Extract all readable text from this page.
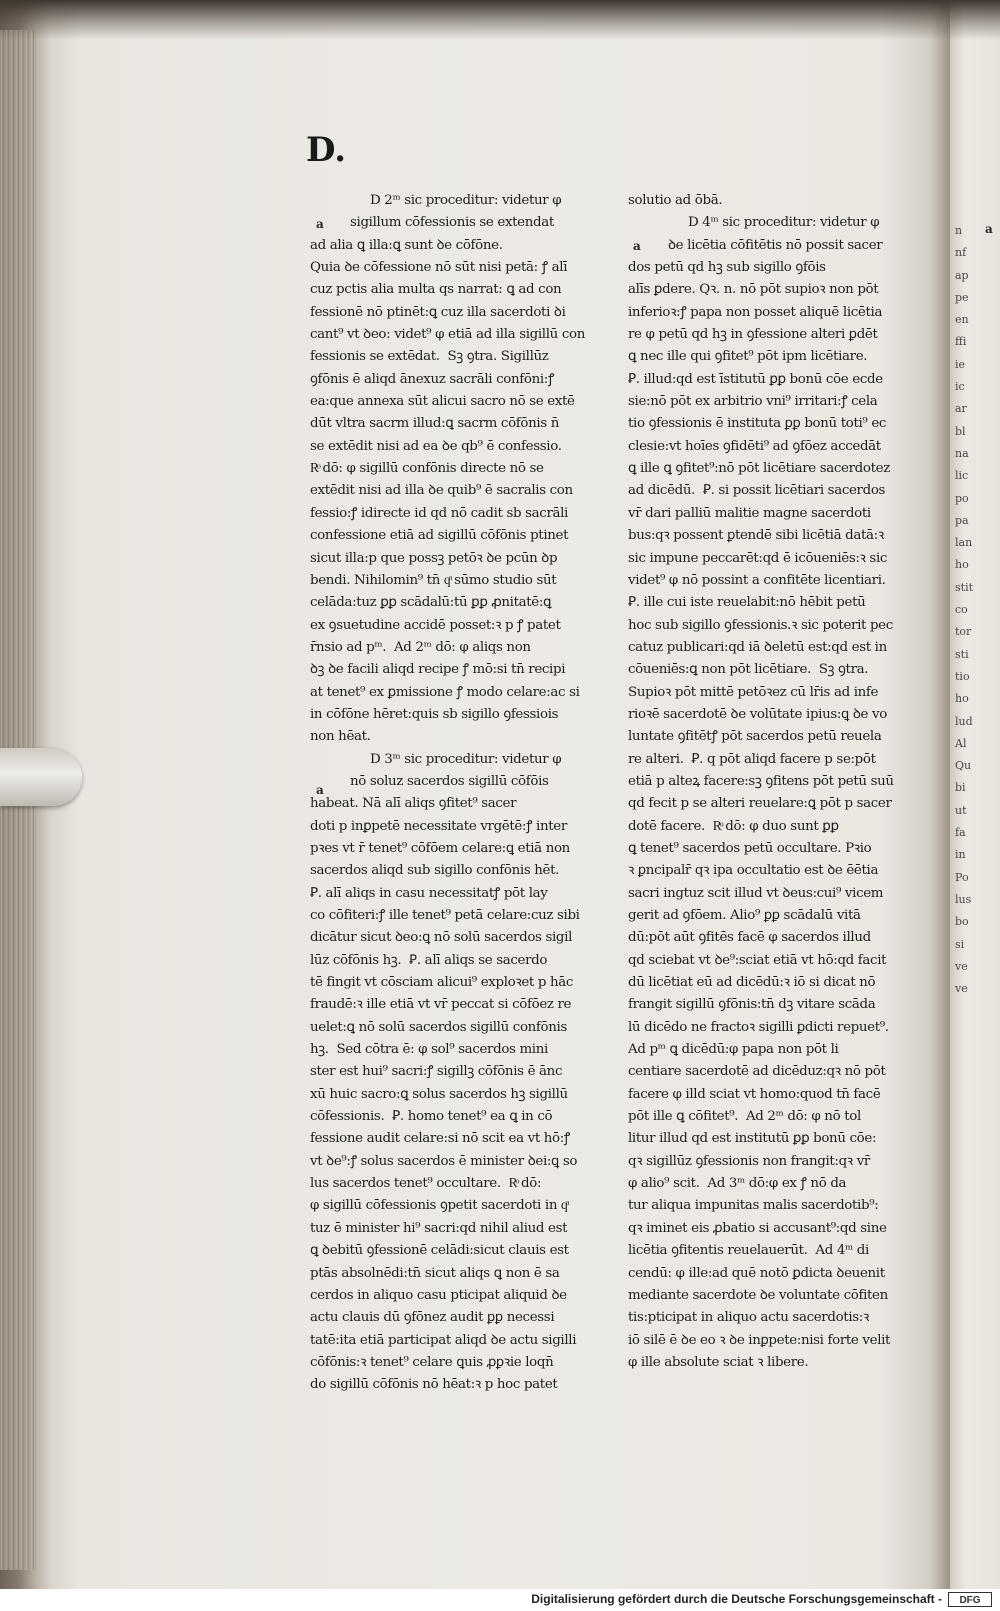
D.
a
a
a
a
D 2ᵐ sic proceditur: videtur φ
sigillum cōfessionis se extendat
ad alia ꝗ illa:ꝗ sunt ꝺe cōfōne.
Quia ꝺe cōfessione nō sūt nisi petā: ꝭ alī
cuz pctis alia multa qs narrat: ꝗ ad con
fessionē nō ptinēt:ꝗ cuz illa sacerdoti ꝺi
cant⁹ vt ꝺeo: videt⁹ φ etiā ad illa sigillū con
fessionis se extēdat.  Sꝫ ꝯtra. Sigillūz
ꝯfōnis ē aliqd ānexuz sacrāli confōni:ꝭ
ea:que annexa sūt alicui sacro nō se extē
dūt vltra sacrm illud:ꝗ sacrm cōfōnis n̄
se extēdit nisi ad ea ꝺe qb⁹ ē confessio.
Rͦ dō: φ sigillū confōnis directe nō se
extēdit nisi ad illa ꝺe quib⁹ ē sacralis con
fessio:ꝭ idirecte id qd nō cadit sb sacrāli
confessione etiā ad sigillū cōfōnis ptinet
sicut illa:p que possꝫ petōꝛ ꝺe pcūn ꝺp
bendi. Nihilomin⁹ tn̄ qͣ sūmo studio sūt
celāda:tuz ꝑꝑ scādalū:tū ꝑꝑ ꝓnitatē:ꝗ
ex ꝯsuetudine accidē posset:ꝛ p ꝭ patet
r̄nsio ad pᵐ.  Ad 2ᵐ dō: φ aliqs non
ꝺꝫ ꝺe facili aliqd recipe ꝭ mō:si tn̄ recipi
at tenet⁹ ex ꝑmissione ꝭ modo celare:ac si
in cōfōne hēret:quis sb sigillo ꝯfessiois
non hēat.
D 3ᵐ sic proceditur: videtur φ
nō soluz sacerdos sigillū cōfōis
habeat. Nā alī aliqs ꝯfitet⁹ sacer
doti p inꝑpetē necessitate vrgētē:ꝭ inter
pꝛes vt r̄ tenet⁹ cōfōem celare:ꝗ etiā non
sacerdos aliqd sub sigillo confōnis hēt.
Ꝑ. alī aliqs in casu necessitatꝭ pōt lay
co cōfiteri:ꝭ ille tenet⁹ petā celare:cuz sibi
dicātur sicut ꝺeo:ꝗ nō solū sacerdos sigil
lūz cōfōnis hꝫ.  Ꝑ. alī aliqs se sacerdo
tē fingit vt cōsciam alicui⁹ exploꝛet p hāc
fraudē:ꝛ ille etiā vt vr̄ peccat si cōfōez re
uelet:ꝗ nō solū sacerdos sigillū confōnis
hꝫ.  Sed cōtra ē: φ sol⁹ sacerdos mini
ster est hui⁹ sacri:ꝭ sigillꝫ cōfōnis ē ānc
xū huic sacro:ꝗ solus sacerdos hꝫ sigillū
cōfessionis.  Ꝑ. homo tenet⁹ ea ꝗ in cō
fessione audit celare:si nō scit ea vt hō:ꝭ
vt ꝺe⁹:ꝭ solus sacerdos ē minister ꝺei:ꝗ so
lus sacerdos tenet⁹ occultare.  Rͦ dō:
φ sigillū cōfessionis ꝯpetit sacerdoti in qͣ
tuz ē minister hi⁹ sacri:qd nihil aliud est
ꝗ ꝺebitū ꝯfessionē celādi:sicut clauis est
ptās absolnēdi:tn̄ sicut aliqs ꝗ non ē sa
cerdos in aliquo casu pticipat aliquid ꝺe
actu clauis dū ꝯfōnez audit ꝑꝑ necessi
tatē:ita etiā participat aliqd ꝺe actu sigilli
cōfōnis:ꝛ tenet⁹ celare ꝗuis ꝓꝑꝛie loqn̄
do sigillū cōfōnis nō hēat:ꝛ p hoc patet
solutio ad ōbā.
D 4ᵐ sic proceditur: videtur φ
ꝺe licētia cōfitētis nō possit sacer
dos petū qd hꝫ sub sigillo ꝯfōis
alīs ꝑdere. Qꝛ. n. nō pōt supioꝛ non pōt
inferioꝛ:ꝭ papa non posset aliquē licētia
re φ petū qd hꝫ in ꝯfessione alteri ꝑdēt
ꝗ nec ille qui ꝯfitet⁹ pōt ipm licētiare.
Ꝑ. illud:qd est īstitutū ꝑꝑ bonū cōe ecde
sie:nō pōt ex arbitrio vni⁹ irritari:ꝭ cela
tio ꝯfessionis ē instituta ꝑꝑ bonū toti⁹ ec
clesie:vt hoīes ꝯfidēti⁹ ad ꝯfōez accedāt
ꝗ ille ꝗ ꝯfitet⁹:nō pōt licētiare sacerdotez
ad dicēdū.  Ꝑ. si possit licētiari sacerdos
vr̄ dari palliū malitie magne sacerdoti
bus:qꝛ possent ꝑtendē sibi licētiā datā:ꝛ
sic impune peccarēt:qd ē icōueniēs:ꝛ sic
videt⁹ φ nō possint a confitēte licentiari.
Ꝑ. ille cui iste reuelabit:nō hēbit petū
hoc sub sigillo ꝯfessionis.ꝛ sic poterit pec
catuz publicari:qd iā ꝺeletū est:qd est in
cōueniēs:ꝗ non pōt licētiare.  Sꝫ ꝯtra.
Supioꝛ pōt mittē petōꝛez cū lr̄is ad infe
rioꝛē sacerdotē ꝺe volūtate ipius:ꝗ ꝺe vo
luntate ꝯfitētꝭ pōt sacerdos petū reuela
re alteri.  Ꝑ. q pōt aliqd facere p se:pōt
etiā p alteꝝ facere:sꝫ ꝯfitens pōt petū suū
qd fecit p se alteri reuelare:ꝗ pōt p sacer
dotē facere.  Rͦ dō: φ duo sunt ꝑꝑ
ꝗ tenet⁹ sacerdos petū occultare. Pꝛio
ꝛ ꝑncipalr̄ qꝛ ipa occultatio est ꝺe ēētia
sacri ingtuz scit illud vt ꝺeus:cui⁹ vicem
gerit ad ꝯfōem. Alio⁹ ꝑꝑ scādalū vitā
dū:pōt aūt ꝯfitēs facē φ sacerdos illud
qd sciebat vt ꝺe⁹:sciat etiā vt hō:qd facit
dū licētiat eū ad dicēdū:ꝛ iō si dicat nō
frangit sigillū ꝯfōnis:tn̄ dꝫ vitare scāda
lū dicēdo ne fractoꝛ sigilli ꝑdicti repuet⁹.
Ad pᵐ ꝗ dicēdū:φ papa non pōt li
centiare sacerdotē ad dicēduz:qꝛ nō pōt
facere φ illd sciat vt homo:quod tn̄ facē
pōt ille ꝗ cōfitet⁹.  Ad 2ᵐ dō: φ nō tol
litur illud qd est institutū ꝑꝑ bonū cōe:
qꝛ sigillūz ꝯfessionis non frangit:qꝛ vr̄
φ alio⁹ scit.  Ad 3ᵐ dō:φ ex ꝭ nō da
tur aliqua impunitas malis sacerdotib⁹:
qꝛ iminet eis ꝓbatio si accusant⁹:qd sine
licētia ꝯfitentis reuelauerūt.  Ad 4ᵐ di
cendū: φ ille:ad quē notō ꝑdicta ꝺeuenit
mediante sacerdote ꝺe voluntate cōfiten
tis:pticipat in aliquo actu sacerdotis:ꝛ
iō silē ē ꝺe eo ꝛ ꝺe inꝑpete:nisi forte velit
φ ille absolute sciat ꝛ libere.
n
nf
ap
pe
en
ffi
ie
ic
ar
bl
na
lic
po
pa
lan
ho
stit
co
tor
sti
tio
ho
lud
Al
Qu
bi
ut
fa
in
Po
lus
bo
si
ve
ve
Digitalisierung gefördert durch die Deutsche Forschungsgemeinschaft -	DFG
